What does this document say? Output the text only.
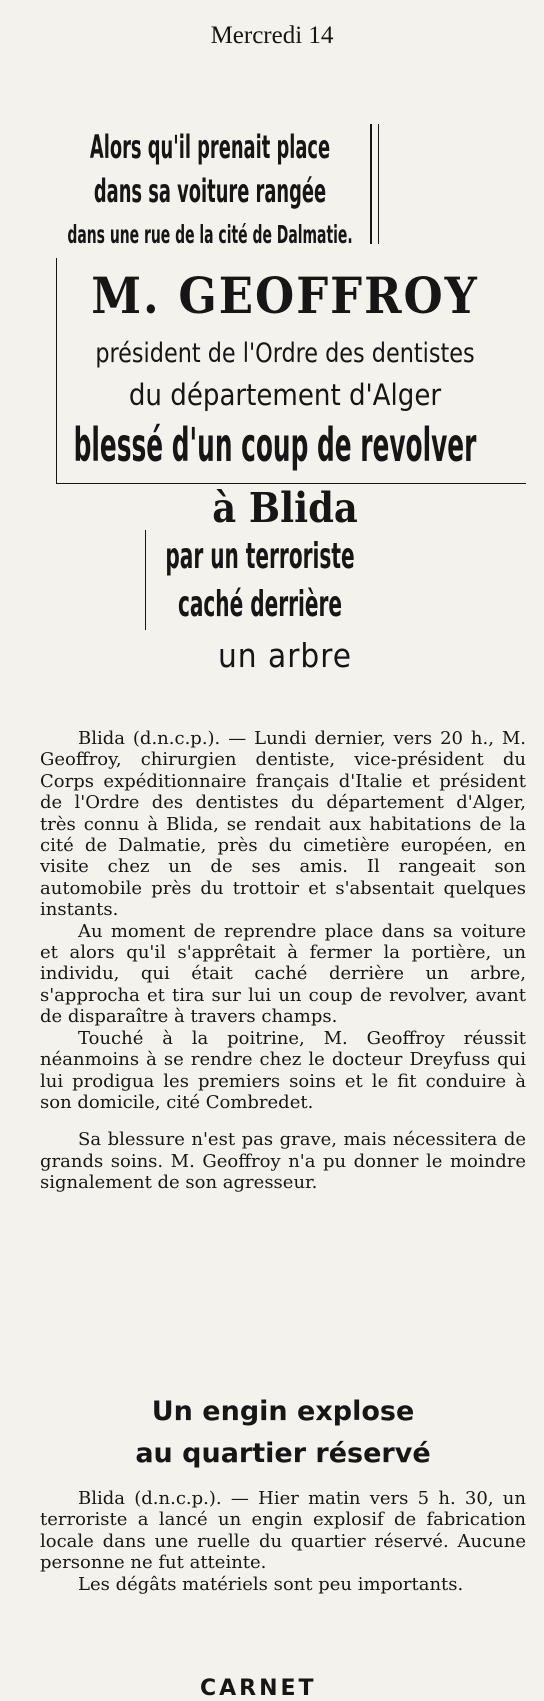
Mercredi 14
Alors qu'il prenait place
dans sa voiture rangée
dans une rue de la cité de Dalmatie.
M. GEOFFROY
président de l'Ordre des dentistes
du département d'Alger
blessé d'un coup de revolver
à Blida
par un terroriste
caché derrière
un arbre

Blida (d.n.c.p.). — Lundi dernier, vers 20 h., M. Geoffroy, chirurgien dentiste, vice-président du Corps expéditionnaire français d'Italie et président de l'Ordre des dentistes du département d'Alger, très connu à Blida, se rendait aux habitations de la cité de Dalmatie, près du cimetière européen, en visite chez un de ses amis. Il rangeait son automobile près du trottoir et s'absentait quelques instants.

Au moment de reprendre place dans sa voiture et alors qu'il s'apprêtait à fermer la portière, un individu, qui était caché derrière un arbre, s'approcha et tira sur lui un coup de revolver, avant de disparaître à travers champs.

Touché à la poitrine, M. Geoffroy réussit néanmoins à se rendre chez le docteur Dreyfuss qui lui prodigua les premiers soins et le fit conduire à son domicile, cité Combredet.

Sa blessure n'est pas grave, mais nécessitera de grands soins. M. Geoffroy n'a pu donner le moindre signalement de son agresseur.

Un engin explose
au quartier réservé

Blida (d.n.c.p.). — Hier matin vers 5 h. 30, un terroriste a lancé un engin explosif de fabrication locale dans une ruelle du quartier réservé. Aucune personne ne fut atteinte.

Les dégâts matériels sont peu importants.

CARNET
